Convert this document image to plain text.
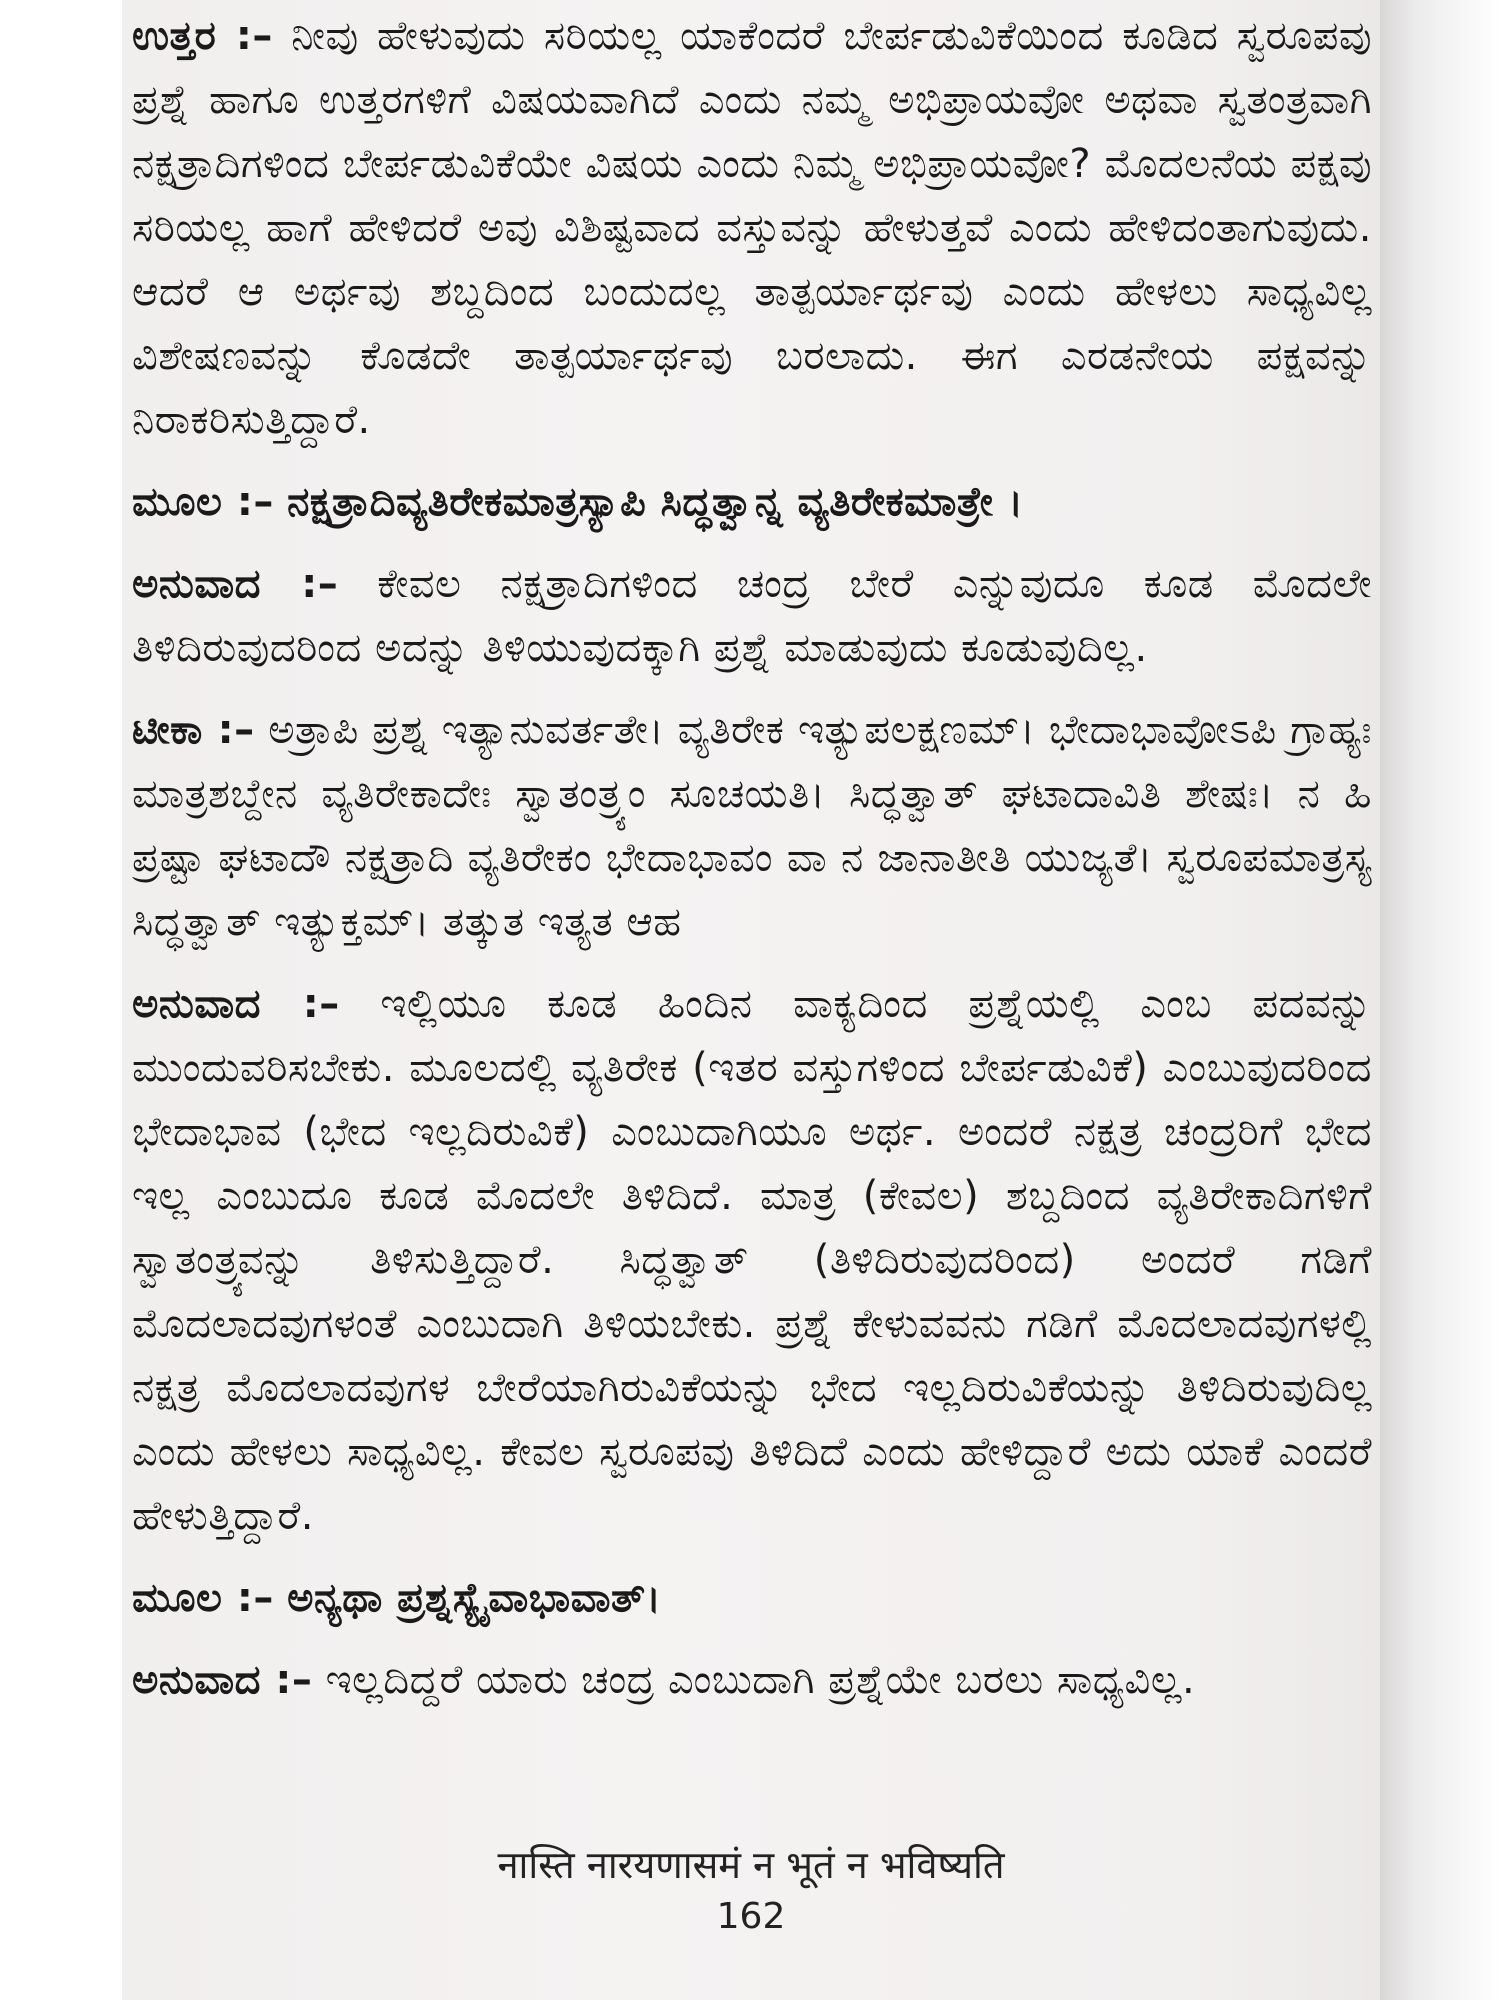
ಉತ್ತರ :– ನೀವು ಹೇಳುವುದು ಸರಿಯಲ್ಲ ಯಾಕೆಂದರೆ ಬೇರ್ಪಡುವಿಕೆಯಿಂದ ಕೂಡಿದ ಸ್ವರೂಪವು ಪ್ರಶ್ನೆ ಹಾಗೂ ಉತ್ತರಗಳಿಗೆ ವಿಷಯವಾಗಿದೆ ಎಂದು ನಮ್ಮ ಅಭಿಪ್ರಾಯವೋ ಅಥವಾ ಸ್ವತಂತ್ರವಾಗಿ ನಕ್ಷತ್ರಾದಿಗಳಿಂದ ಬೇರ್ಪಡುವಿಕೆಯೇ ವಿಷಯ ಎಂದು ನಿಮ್ಮ ಅಭಿಪ್ರಾಯವೋ? ಮೊದಲನೆಯ ಪಕ್ಷವು ಸರಿಯಲ್ಲ ಹಾಗೆ ಹೇಳಿದರೆ ಅವು ವಿಶಿಷ್ಟವಾದ ವಸ್ತುವನ್ನು ಹೇಳುತ್ತವೆ ಎಂದು ಹೇಳಿದಂತಾಗುವುದು. ಆದರೆ ಆ ಅರ್ಥವು ಶಬ್ದದಿಂದ ಬಂದುದಲ್ಲ ತಾತ್ಪರ್ಯಾರ್ಥವು ಎಂದು ಹೇಳಲು ಸಾಧ್ಯವಿಲ್ಲ ವಿಶೇಷಣವನ್ನು ಕೊಡದೇ ತಾತ್ಪರ್ಯಾರ್ಥವು ಬರಲಾದು. ಈಗ ಎರಡನೇಯ ಪಕ್ಷವನ್ನು ನಿರಾಕರಿಸುತ್ತಿದ್ದಾರೆ.

ಮೂಲ :– ನಕ್ಷತ್ರಾದಿವ್ಯತಿರೇಕಮಾತ್ರಸ್ಯಾಪಿ ಸಿದ್ಧತ್ವಾನ್ನ ವ್ಯತಿರೇಕಮಾತ್ರೇ ।

ಅನುವಾದ :– ಕೇವಲ ನಕ್ಷತ್ರಾದಿಗಳಿಂದ ಚಂದ್ರ ಬೇರೆ ಎನ್ನುವುದೂ ಕೂಡ ಮೊದಲೇ ತಿಳಿದಿರುವುದರಿಂದ ಅದನ್ನು ತಿಳಿಯುವುದಕ್ಕಾಗಿ ಪ್ರಶ್ನೆ ಮಾಡುವುದು ಕೂಡುವುದಿಲ್ಲ.

ಟೀಕಾ :– ಅತ್ರಾಪಿ ಪ್ರಶ್ನ ಇತ್ಯಾನುವರ್ತತೇ। ವ್ಯತಿರೇಕ ಇತ್ಯುಪಲಕ್ಷಣಮ್। ಭೇದಾಭಾವೋಽಪಿ ಗ್ರಾಹ್ಯಃ ಮಾತ್ರಶಬ್ದೇನ ವ್ಯತಿರೇಕಾದೇಃ ಸ್ವಾತಂತ್ರ್ಯಂ ಸೂಚಯತಿ। ಸಿದ್ಧತ್ವಾತ್ ಘಟಾದಾವಿತಿ ಶೇಷಃ। ನ ಹಿ ಪ್ರಷ್ಟಾ ಘಟಾದೌ ನಕ್ಷತ್ರಾದಿ ವ್ಯತಿರೇಕಂ ಭೇದಾಭಾವಂ ವಾ ನ ಜಾನಾತೀತಿ ಯುಜ್ಯತೆ। ಸ್ವರೂಪಮಾತ್ರಸ್ಯ ಸಿದ್ಧತ್ವಾತ್ ಇತ್ಯುಕ್ತಮ್। ತತ್ಕುತ ಇತ್ಯತ ಆಹ

ಅನುವಾದ :– ಇಲ್ಲಿಯೂ ಕೂಡ ಹಿಂದಿನ ವಾಕ್ಯದಿಂದ ಪ್ರಶ್ನೆಯಲ್ಲಿ ಎಂಬ ಪದವನ್ನು ಮುಂದುವರಿಸಬೇಕು. ಮೂಲದಲ್ಲಿ ವ್ಯತಿರೇಕ (ಇತರ ವಸ್ತುಗಳಿಂದ ಬೇರ್ಪಡುವಿಕೆ) ಎಂಬುವುದರಿಂದ ಭೇದಾಭಾವ (ಭೇದ ಇಲ್ಲದಿರುವಿಕೆ) ಎಂಬುದಾಗಿಯೂ ಅರ್ಥ. ಅಂದರೆ ನಕ್ಷತ್ರ ಚಂದ್ರರಿಗೆ ಭೇದ ಇಲ್ಲ ಎಂಬುದೂ ಕೂಡ ಮೊದಲೇ ತಿಳಿದಿದೆ. ಮಾತ್ರ (ಕೇವಲ) ಶಬ್ದದಿಂದ ವ್ಯತಿರೇಕಾದಿಗಳಿಗೆ ಸ್ವಾತಂತ್ರ್ಯವನ್ನು ತಿಳಿಸುತ್ತಿದ್ದಾರೆ. ಸಿದ್ಧತ್ವಾತ್ (ತಿಳಿದಿರುವುದರಿಂದ) ಅಂದರೆ ಗಡಿಗೆ ಮೊದಲಾದವುಗಳಂತೆ ಎಂಬುದಾಗಿ ತಿಳಿಯಬೇಕು. ಪ್ರಶ್ನೆ ಕೇಳುವವನು ಗಡಿಗೆ ಮೊದಲಾದವುಗಳಲ್ಲಿ ನಕ್ಷತ್ರ ಮೊದಲಾದವುಗಳ ಬೇರೆಯಾಗಿರುವಿಕೆಯನ್ನು ಭೇದ ಇಲ್ಲದಿರುವಿಕೆಯನ್ನು ತಿಳಿದಿರುವುದಿಲ್ಲ ಎಂದು ಹೇಳಲು ಸಾಧ್ಯವಿಲ್ಲ. ಕೇವಲ ಸ್ವರೂಪವು ತಿಳಿದಿದೆ ಎಂದು ಹೇಳಿದ್ದಾರೆ ಅದು ಯಾಕೆ ಎಂದರೆ ಹೇಳುತ್ತಿದ್ದಾರೆ.

ಮೂಲ :– ಅನ್ಯಥಾ ಪ್ರಶ್ನಸ್ಯೈವಾಭಾವಾತ್।

ಅನುವಾದ :– ಇಲ್ಲದಿದ್ದರೆ ಯಾರು ಚಂದ್ರ ಎಂಬುದಾಗಿ ಪ್ರಶ್ನೆಯೇ ಬರಲು ಸಾಧ್ಯವಿಲ್ಲ.

नास्ति नारयणासमं न भूतं न भविष्यति
162
